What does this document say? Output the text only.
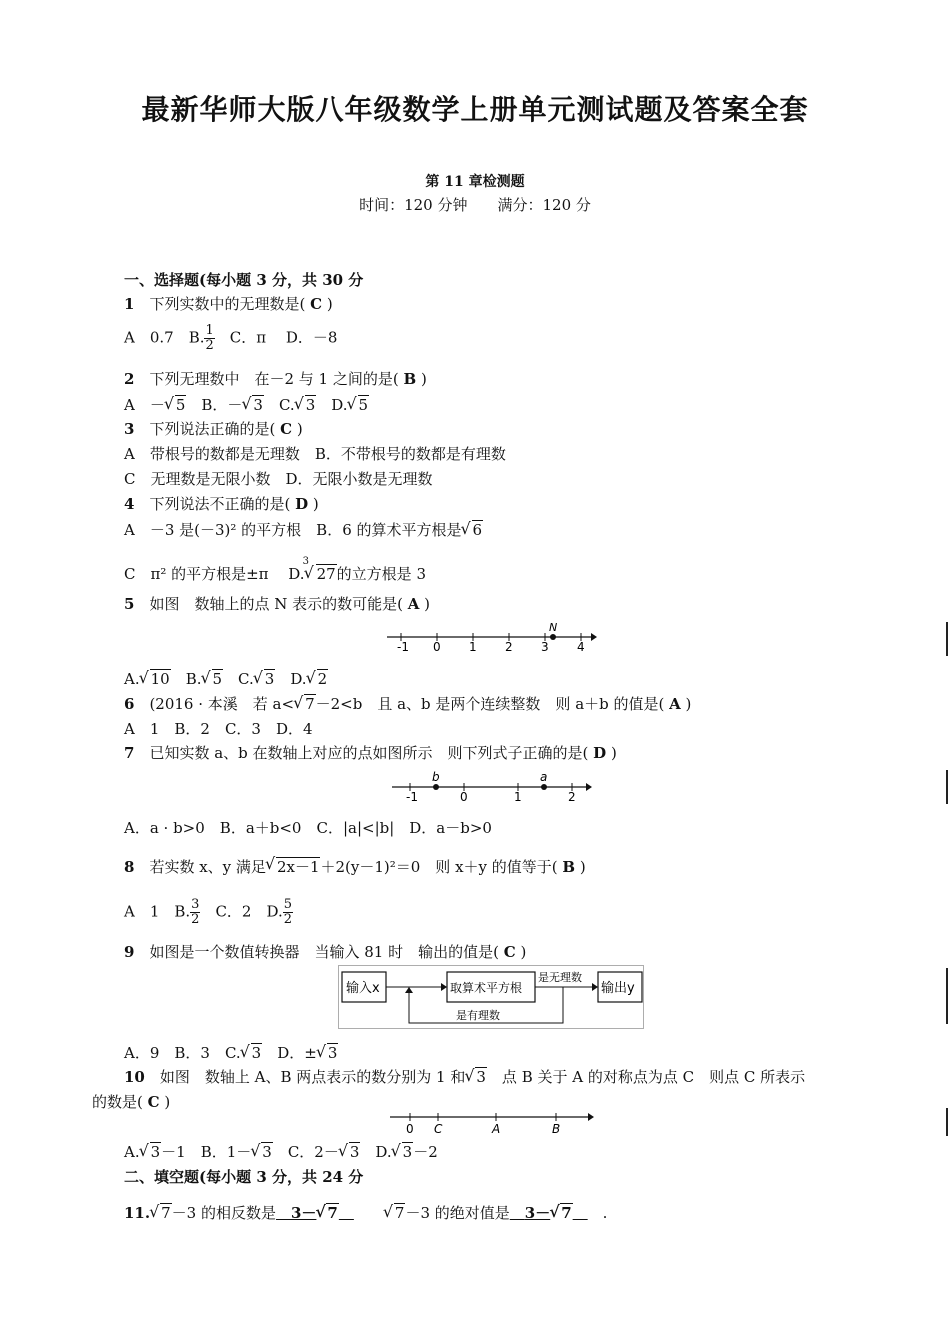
最新华师大版八年级数学上册单元测试题及答案全套
第 11 章检测题
时间：120 分钟　　满分：120 分
一、选择题(每小题 3 分，共 30 分
1　 下列实数中的无理数是( C )
A　0.7　B. $\frac{1}{2}$ 　C．π　 D．－8
2　 下列无理数中　在－2 与 1 之间的是( B )
A　－ √ 5　B．－ √ 3　C. √ 3　D. √ 5
3　 下列说法正确的是( C )
A　带根号的数都是无理数　B．不带根号的数都是有理数
C　无理数是无限小数　D．无限小数是无理数
4　 下列说法不正确的是( D )
A　－3 是(－3)² 的平方根　B．6 的算术平方根是 √ 6
C　π² 的平方根是±π　 D.
√ 3
27的立方根是 3
5　 如图　数轴上的点 N 表示的数可能是( A )
-1 0 1 2 3 4
N
A. √ 10　B. √ 5　C. √ 3　D. √ 2
6　 (2016 · 本溪　若 a< √ 7－2<b　且 a、b 是两个连续整数　则 a＋b 的值是( A )
A　1　B．2　C．3　D．4
7　 已知实数 a、b 在数轴上对应的点如图所示　则下列式子正确的是( D )
-1	0	1	2
b	a
A．a · b>0　B．a＋b<0　C．|a|<|b|　D．a－b>0
8　 若实数 x、y 满足 √ 2x－1＋2(y－1)²＝0　则 x＋y 的值等于( B )
A　1　B. $\frac{3}{2}$ 　C．2　D. $\frac{5}{2}$
9　 如图是一个数值转换器　当输入 81 时　输出的值是( C )
输入x	取算术平方根
是无理数
输出y
是有理数
A．9　B．3　C. √ 3　D．± √ 3
10　 如图　数轴上 A、B 两点表示的数分别为 1 和 √ 3　点 B 关于 A 的对称点为点 C　则点 C 所表示
的数是( C )
0 C	A	B
A. √ 3－1　B．1－ √ 3　C．2－ √ 3　D. √ 3－2
二、填空题(每小题 3 分，共 24 分
11. √ 7－3 的相反数是　 3－ √ 7　　　	√ 7－3 的绝对值是　 3－ √ 7　　 .
